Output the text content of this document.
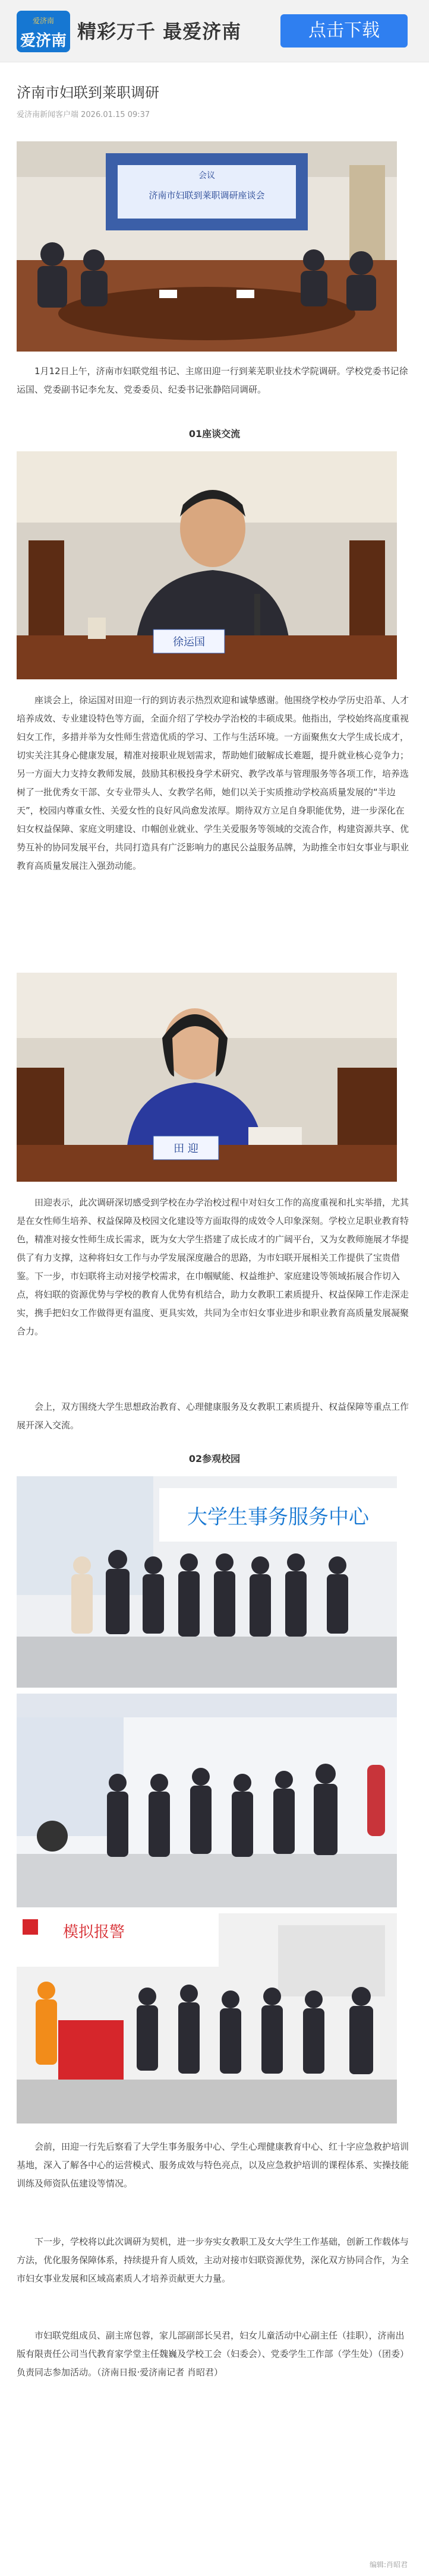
爱济南
爱济南 精彩万千 最爱济南	点击下载
济南市妇联到莱职调研
爱济南新闻客户端 2026.01.15 09:37
会议
济南市妇联到莱职调研座谈会
1月12日上午，济南市妇联党组书记、主席田迎一行到莱芜职业技术学院调研。学校党委书记徐运国、党委副书记李允友、党委委员、纪委书记张静陪同调研。
01座谈交流
徐运国
座谈会上，徐运国对田迎一行的到访表示热烈欢迎和诚挚感谢。他围绕学校办学历史沿革、人才培养成效、专业建设特色等方面，全面介绍了学校办学治校的丰硕成果。他指出，学校始终高度重视妇女工作，多措并举为女性师生营造优质的学习、工作与生活环境。一方面聚焦女大学生成长成才，切实关注其身心健康发展，精准对接职业规划需求，帮助她们破解成长难题，提升就业核心竞争力；另一方面大力支持女教师发展，鼓励其积极投身学术研究、教学改革与管理服务等各项工作，培养选树了一批优秀女干部、女专业带头人、女教学名师，她们以关于实质推动学校高质量发展的“半边天”，校园内尊重女性、关爱女性的良好风尚愈发浓厚。期待双方立足自身职能优势，进一步深化在妇女权益保障、家庭文明建设、巾帼创业就业、学生关爱服务等领域的交流合作，构建资源共享、优势互补的协同发展平台，共同打造具有广泛影响力的惠民公益服务品牌，为助推全市妇女事业与职业教育高质量发展注入强劲动能。
田 迎
田迎表示，此次调研深切感受到学校在办学治校过程中对妇女工作的高度重视和扎实举措，尤其是在女性师生培养、权益保障及校园文化建设等方面取得的成效令人印象深刻。学校立足职业教育特色，精准对接女性师生成长需求，既为女大学生搭建了成长成才的广阔平台，又为女教师施展才华提供了有力支撑，这种将妇女工作与办学发展深度融合的思路，为市妇联开展相关工作提供了宝贵借鉴。下一步，市妇联将主动对接学校需求，在巾帼赋能、权益维护、家庭建设等领域拓展合作切入点，将妇联的资源优势与学校的教育人优势有机结合，助力女教职工素质提升、权益保障工作走深走实，携手把妇女工作做得更有温度、更具实效，共同为全市妇女事业进步和职业教育高质量发展凝聚合力。
会上，双方围绕大学生思想政治教育、心理健康服务及女教职工素质提升、权益保障等重点工作展开深入交流。
02参观校园
大学生事务服务中心
模拟报警
会前，田迎一行先后察看了大学生事务服务中心、学生心理健康教育中心、红十字应急救护培训基地，深入了解各中心的运营模式、服务成效与特色亮点，以及应急救护培训的课程体系、实操技能训练及师资队伍建设等情况。
下一步，学校将以此次调研为契机，进一步夯实女教职工及女大学生工作基础，创新工作载体与方法，优化服务保障体系，持续提升育人质效，主动对接市妇联资源优势，深化双方协同合作，为全市妇女事业发展和区域高素质人才培养贡献更大力量。
市妇联党组成员、副主席包蓉，家儿部副部长吴君，妇女儿童活动中心副主任（挂职），济南出版有限责任公司当代教育家学堂主任魏巍及学校工会（妇委会）、党委学生工作部（学生处）（团委）负责同志参加活动。（济南日报·爱济南记者 肖昭君）
编辑:肖昭君
